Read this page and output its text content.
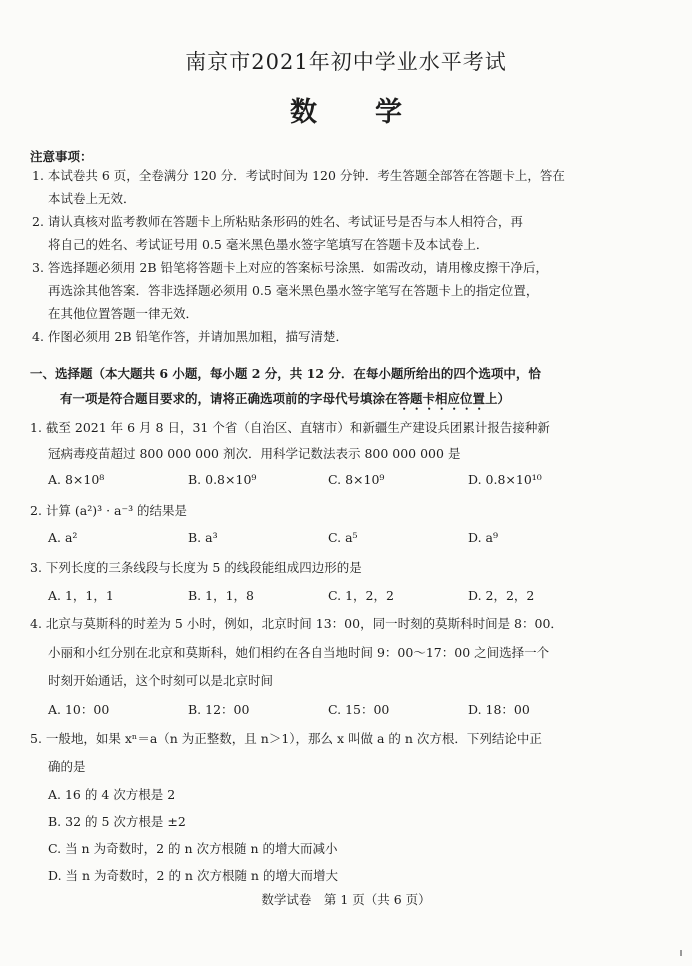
南京市2021年初中学业水平考试
数 学
注意事项：
1. 本试卷共 6 页，全卷满分 120 分．考试时间为 120 分钟．考生答题全部答在答题卡上，答在
本试卷上无效．
2. 请认真核对监考教师在答题卡上所粘贴条形码的姓名、考试证号是否与本人相符合，再
将自己的姓名、考试证号用 0.5 毫米黑色墨水签字笔填写在答题卡及本试卷上．
3. 答选择题必须用 2B 铅笔将答题卡上对应的答案标号涂黑．如需改动，请用橡皮擦干净后，
再选涂其他答案．答非选择题必须用 0.5 毫米黑色墨水签字笔写在答题卡上的指定位置，
在其他位置答题一律无效．
4. 作图必须用 2B 铅笔作答，并请加黑加粗，描写清楚．
一、选择题（本大题共 6 小题，每小题 2 分，共 12 分．在每小题所给出的四个选项中，恰
有一项是符合题目要求的，请将正确选项前的字母代号填涂在答题卡相应位置上）
1. 截至 2021 年 6 月 8 日，31 个省（自治区、直辖市）和新疆生产建设兵团累计报告接种新
冠病毒疫苗超过 800 000 000 剂次．用科学记数法表示 800 000 000 是
A. 8×10⁸	B. 0.8×10⁹	C. 8×10⁹	D. 0.8×10¹⁰
2. 计算 (a²)³ · a⁻³ 的结果是
A. a²	B. a³	C. a⁵	D. a⁹
3. 下列长度的三条线段与长度为 5 的线段能组成四边形的是
A. 1，1，1	B. 1，1，8	C. 1，2，2	D. 2，2，2
4. 北京与莫斯科的时差为 5 小时，例如，北京时间 13：00，同一时刻的莫斯科时间是 8：00．
小丽和小红分别在北京和莫斯科，她们相约在各自当地时间 9：00～17：00 之间选择一个
时刻开始通话，这个时刻可以是北京时间
A. 10：00	B. 12：00	C. 15：00	D. 18：00
5. 一般地，如果 xⁿ＝a（n 为正整数，且 n＞1），那么 x 叫做 a 的 n 次方根．下列结论中正
确的是
A. 16 的 4 次方根是 2
B. 32 的 5 次方根是 ±2
C. 当 n 为奇数时，2 的 n 次方根随 n 的增大而减小
D. 当 n 为奇数时，2 的 n 次方根随 n 的增大而增大
数学试卷　第 1 页（共 6 页）
